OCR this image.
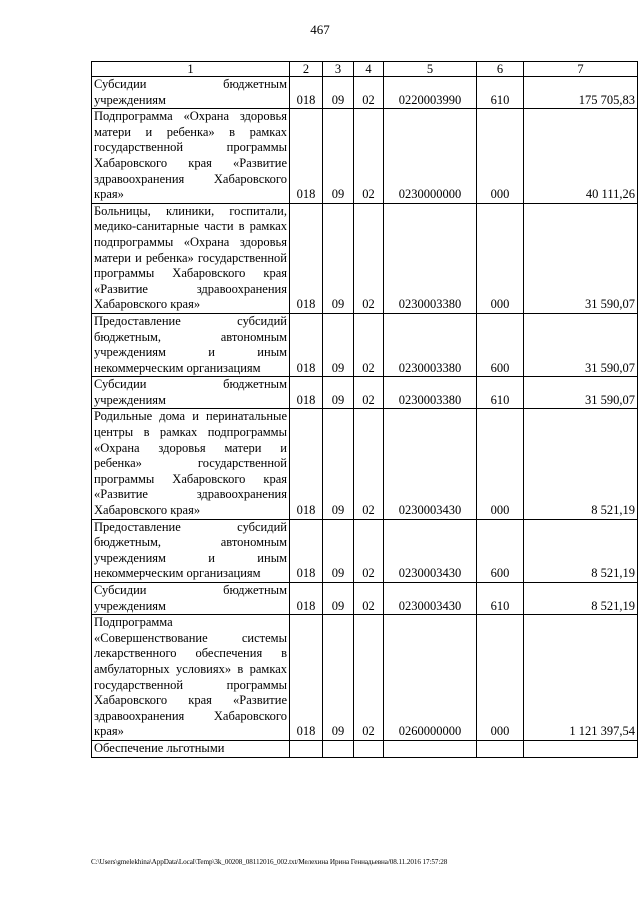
467
1	2	3	4	5	6	7
Субсидии бюджетным учреждениям	018	09	02	0220003990	610	175 705,83
Подпрограмма «Охрана здоровья матери и ребенка» в рамках государственной программы Хабаровского края «Развитие здравоохранения Хабаровского края»	018	09	02	0230000000	000	40 111,26
Больницы, клиники, госпитали, медико-санитарные части в рамках подпрограммы «Охрана здоровья матери и ребенка» государственной программы Хабаровского края «Развитие здравоохранения Хабаровского края»	018	09	02	0230003380	000	31 590,07
Предоставление субсидий бюджетным, автономным учреждениям и иным некоммерческим организациям	018	09	02	0230003380	600	31 590,07
Субсидии бюджетным учреждениям	018	09	02	0230003380	610	31 590,07
Родильные дома и перинатальные центры в рамках подпрограммы «Охрана здоровья матери и ребенка» государственной программы Хабаровского края «Развитие здравоохранения Хабаровского края»	018	09	02	0230003430	000	8 521,19
Предоставление субсидий бюджетным, автономным учреждениям и иным некоммерческим организациям	018	09	02	0230003430	600	8 521,19
Субсидии бюджетным учреждениям	018	09	02	0230003430	610	8 521,19
Подпрограмма «Совершенствование системы лекарственного обеспечения в амбулаторных условиях» в рамках государственной программы Хабаровского края «Развитие здравоохранения Хабаровского края»	018	09	02	0260000000	000	1 121 397,54
Обеспечение льготными						
C:\Users\gmelekhina\AppData\Local\Temp\3k_00208_08112016_002.txt/Мелехина Ирина Геннадьевна/08.11.2016 17:57:28
